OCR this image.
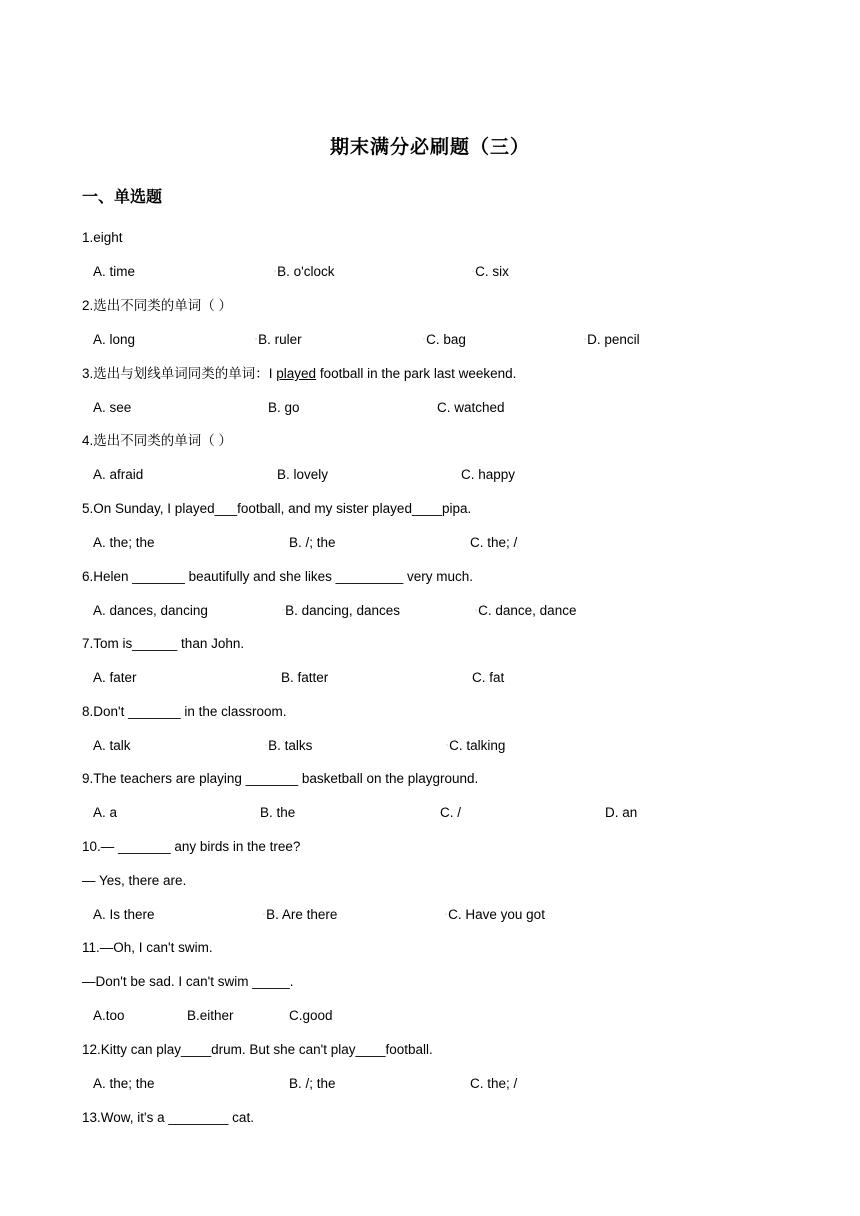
期末满分必刷题（三）
一、单选题
1.eight
A. time	▫B. o'clock	▫C. six
2.选出不同类的单词（ ）
A. long	▫B. ruler	▫C. bag	▫D. pencil
3.选出与划线单词同类的单词：I played football in the park last weekend.
A. see	B. go	C. watched
4.选出不同类的单词（ ）
A. afraid	B. lovely	C. happy
5.On Sunday, I played___football, and my sister played____pipa.
A. the; the	B. /; the	C. the; /
6.Helen _______ beautifully and she likes _________ very much.
A. dances, dancing	▫B. dancing, dances	▫C. dance, dance
7.Tom is______ than John.
A. fater	B. fatter	C. fat
8.Don't _______ in the classroom.
A. talk	▫B. talks	▫C. talking
9.The teachers are playing _______ basketball on the playground.
A. a	B. the	C. /	D. an
10.— _______ any birds in the tree?
— Yes, there are.
A. Is there	▫B. Are there	▫C. Have you got
11.—Oh, I can't swim.
—Don't be sad. I can't swim _____.
A.too	B.either	C.good
12.Kitty can play____drum. But she can't play____football.
A. the; the	B. /; the	C. the; /
13.Wow, it's a ________ cat.
